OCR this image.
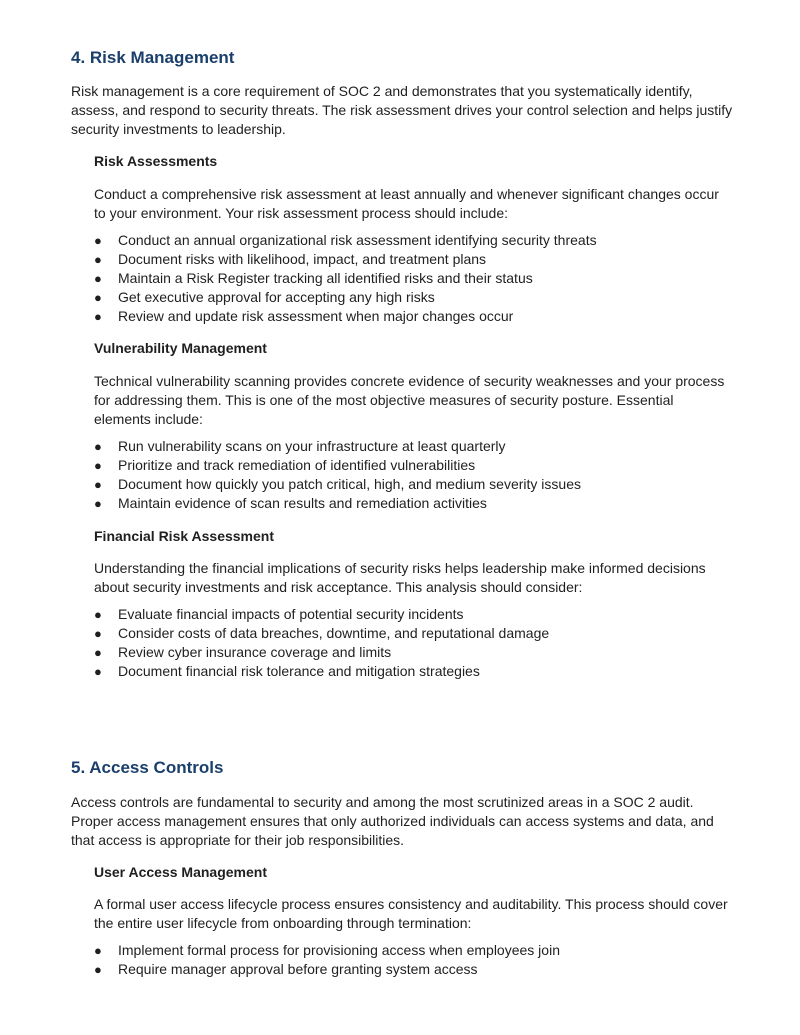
4. Risk Management

Risk management is a core requirement of SOC 2 and demonstrates that you systematically identify, assess, and respond to security threats. The risk assessment drives your control selection and helps justify security investments to leadership.

Risk Assessments

Conduct a comprehensive risk assessment at least annually and whenever significant changes occur to your environment. Your risk assessment process should include:

● Conduct an annual organizational risk assessment identifying security threats
● Document risks with likelihood, impact, and treatment plans
● Maintain a Risk Register tracking all identified risks and their status
● Get executive approval for accepting any high risks
● Review and update risk assessment when major changes occur

Vulnerability Management

Technical vulnerability scanning provides concrete evidence of security weaknesses and your process for addressing them. This is one of the most objective measures of security posture. Essential elements include:

● Run vulnerability scans on your infrastructure at least quarterly
● Prioritize and track remediation of identified vulnerabilities
● Document how quickly you patch critical, high, and medium severity issues
● Maintain evidence of scan results and remediation activities

Financial Risk Assessment

Understanding the financial implications of security risks helps leadership make informed decisions about security investments and risk acceptance. This analysis should consider:

● Evaluate financial impacts of potential security incidents
● Consider costs of data breaches, downtime, and reputational damage
● Review cyber insurance coverage and limits
● Document financial risk tolerance and mitigation strategies
5. Access Controls

Access controls are fundamental to security and among the most scrutinized areas in a SOC 2 audit. Proper access management ensures that only authorized individuals can access systems and data, and that access is appropriate for their job responsibilities.

User Access Management

A formal user access lifecycle process ensures consistency and auditability. This process should cover the entire user lifecycle from onboarding through termination:

● Implement formal process for provisioning access when employees join
● Require manager approval before granting system access
